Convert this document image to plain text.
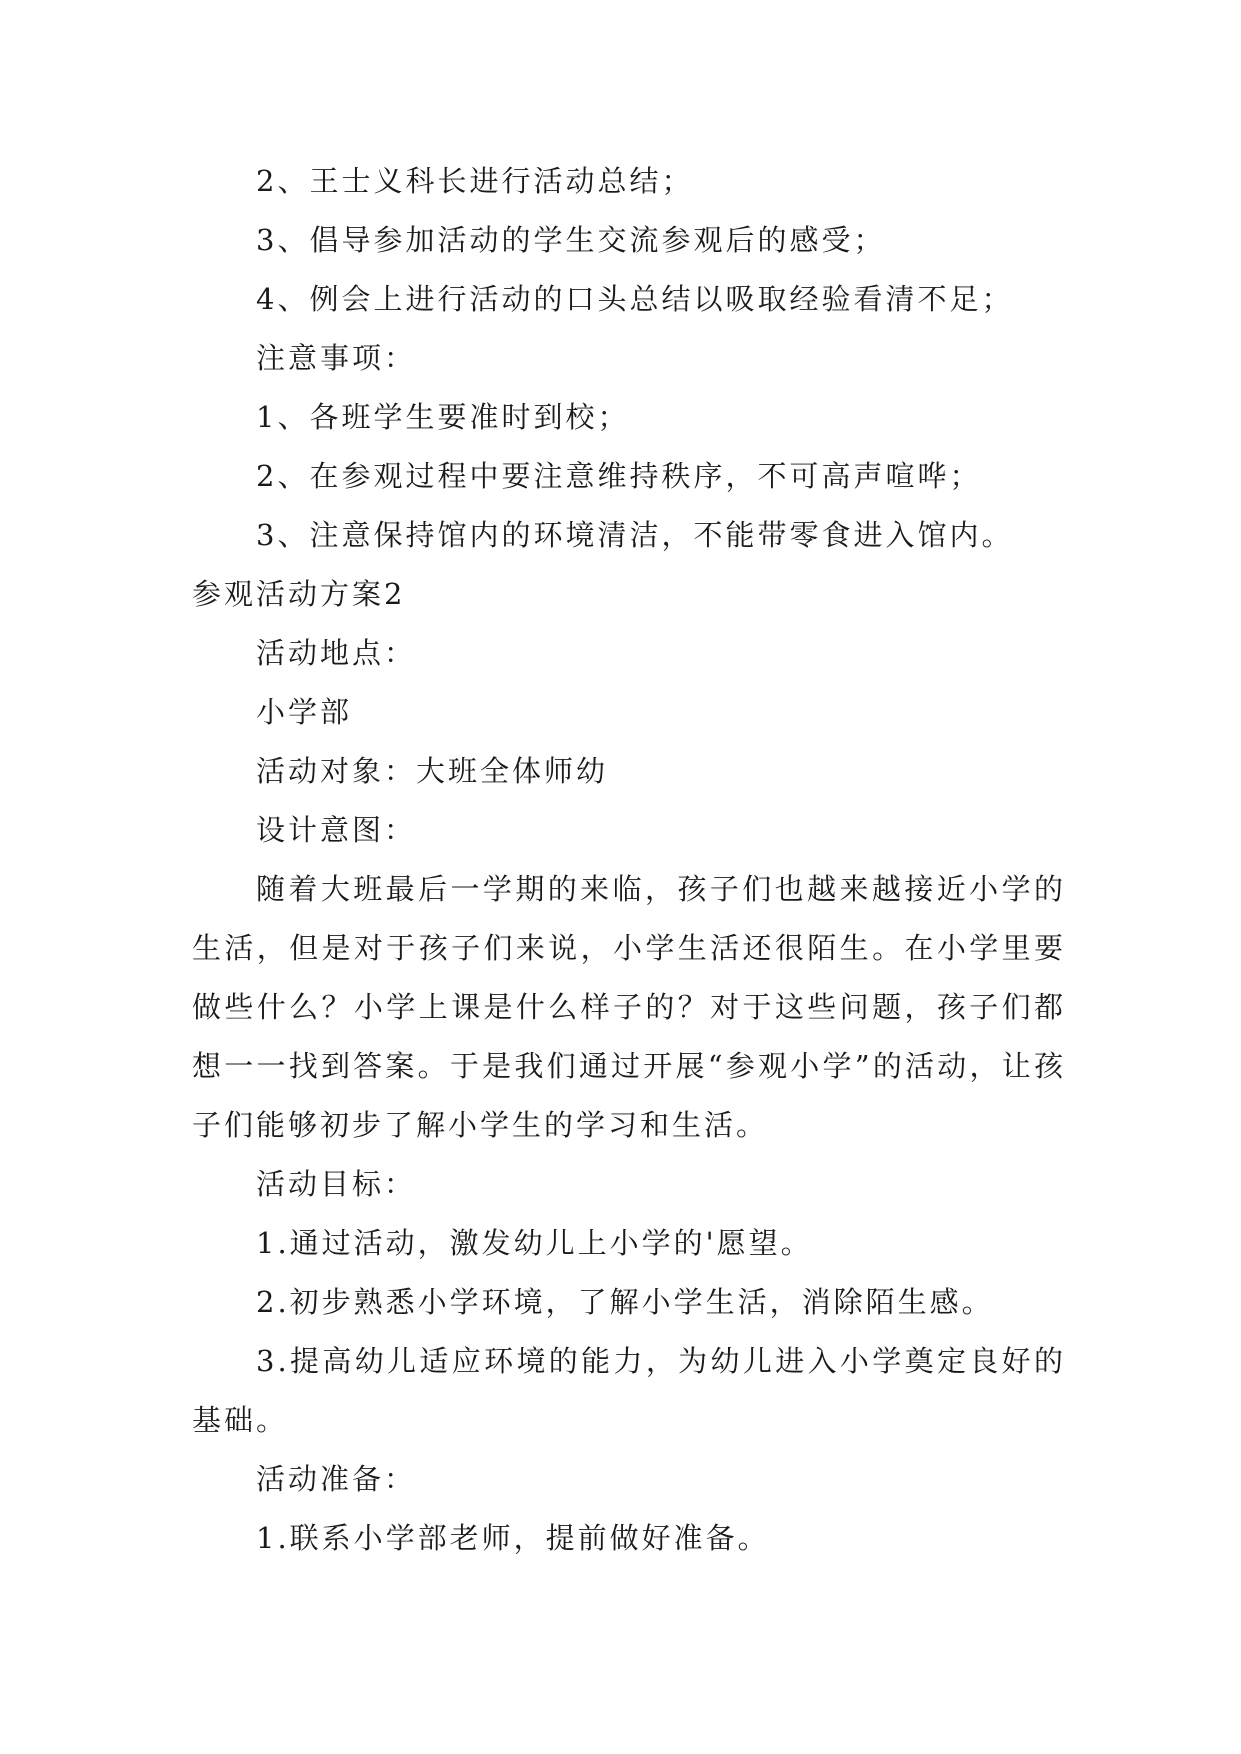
2、王士义科长进行活动总结；
3、倡导参加活动的学生交流参观后的感受；
4、例会上进行活动的口头总结以吸取经验看清不足；
注意事项：
1、各班学生要准时到校；
2、在参观过程中要注意维持秩序，不可高声喧哗；
3、注意保持馆内的环境清洁，不能带零食进入馆内。
参观活动方案2
活动地点：
小学部
活动对象：大班全体师幼
设计意图：

随着大班最后一学期的来临，孩子们也越来越接近小学的生活，但是对于孩子们来说，小学生活还很陌生。在小学里要做些什么？小学上课是什么样子的？对于这些问题，孩子们都想一一找到答案。于是我们通过开展“参观小学”的活动，让孩子们能够初步了解小学生的学习和生活。

活动目标：
1.通过活动，激发幼儿上小学的'愿望。
2.初步熟悉小学环境，了解小学生活，消除陌生感。

3.提高幼儿适应环境的能力，为幼儿进入小学奠定良好的基础。

活动准备：
1.联系小学部老师，提前做好准备。
